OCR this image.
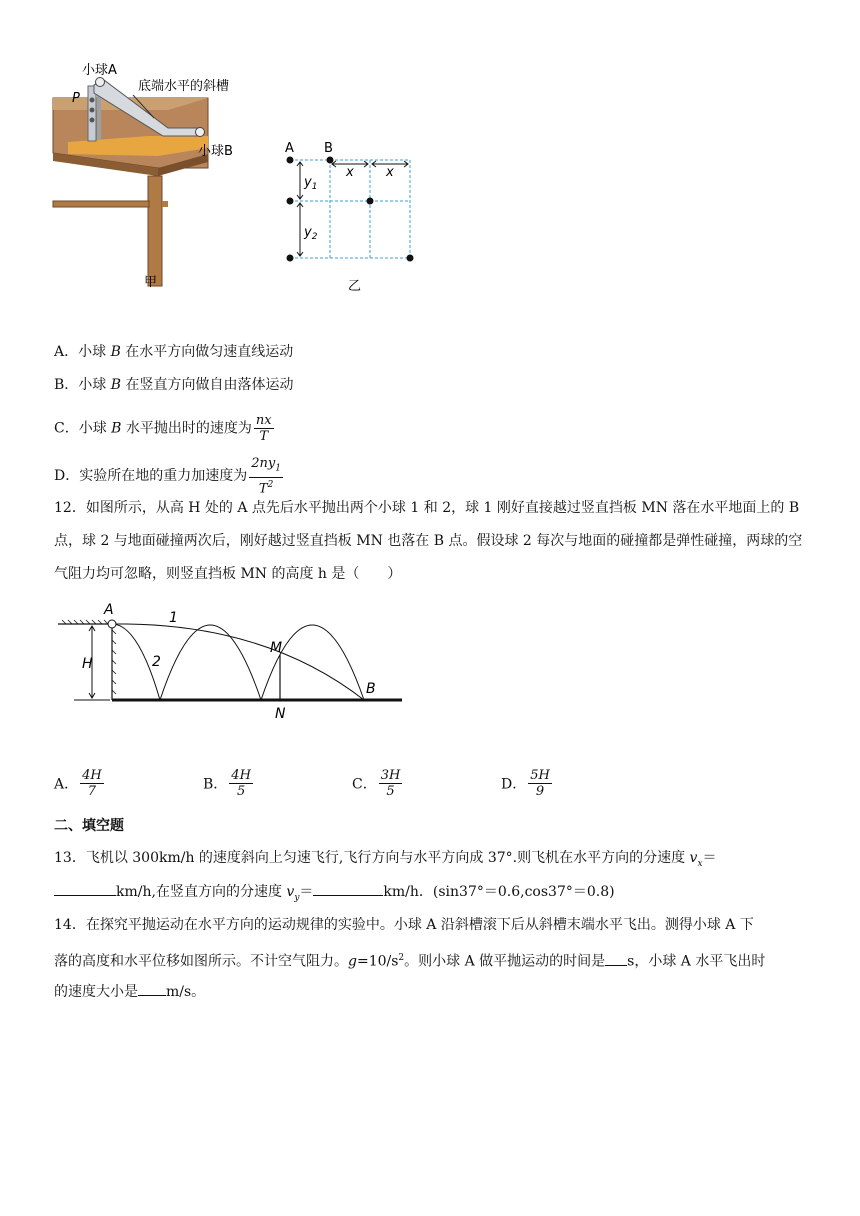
小球A
P
底端水平的斜槽
小球B
甲
A B
$y_1$
$y_2$
x x
乙
A．小球 B 在水平方向做匀速直线运动
B．小球 B 在竖直方向做自由落体运动
C．小球 B 水平抛出时的速度为 $\frac{nx}{T}$
D．实验所在地的重力加速度为 $\frac{2ny_1}{T^2}$
12．如图所示，从高 H 处的 A 点先后水平抛出两个小球 1 和 2，球 1 刚好直接越过竖直挡板 MN 落在水平地面上的 B 点，球 2 与地面碰撞两次后，刚好越过竖直挡板 MN 也落在 B 点。假设球 2 每次与地面的碰撞都是弹性碰撞，两球的空气阻力均可忽略，则竖直挡板 MN 的高度 h 是（　　）
A	1
2
M
H
N
B
A． $\frac{4H}{7}$	B． $\frac{4H}{5}$	C． $\frac{3H}{5}$	D． $\frac{5H}{9}$
二、填空题
13．飞机以 300km/h 的速度斜向上匀速飞行,飞行方向与水平方向成 37°.则飞机在水平方向的分速度 $v_x=$
km/h,在竖直方向的分速度 $v_y=$	km/h．(sin37°＝0.6,cos37°＝0.8)
14．在探究平抛运动在水平方向的运动规律的实验中。小球 A 沿斜槽滚下后从斜槽末端水平飞出。测得小球 A 下
落的高度和水平位移如图所示。不计空气阻力。$g=10/s^2$。则小球 A 做平抛运动的时间是 s，小球 A 水平飞出时
的速度大小是 m/s。
